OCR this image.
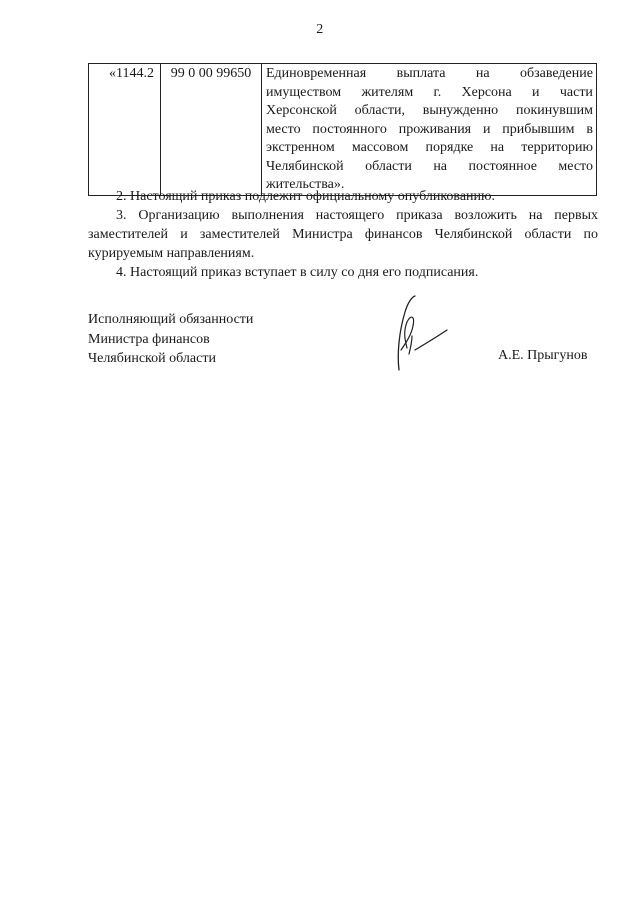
2
«1144.2	99 0 00 99650	Единовременная выплата на обзаведение
имуществом жителям г. Херсона и части
Херсонской области, вынужденно покинувшим
место постоянного проживания и прибывшим в
экстренном массовом порядке на территорию
Челябинской области на постоянное место
жительства».

2. Настоящий приказ подлежит официальному опубликованию.

3. Организацию выполнения настоящего приказа возложить на первых заместителей и заместителей Министра финансов Челябинской области по курируемым направлениям.

4. Настоящий приказ вступает в силу со дня его подписания.

Исполняющий обязанности
Министра финансов
Челябинской области	А.Е. Прыгунов
